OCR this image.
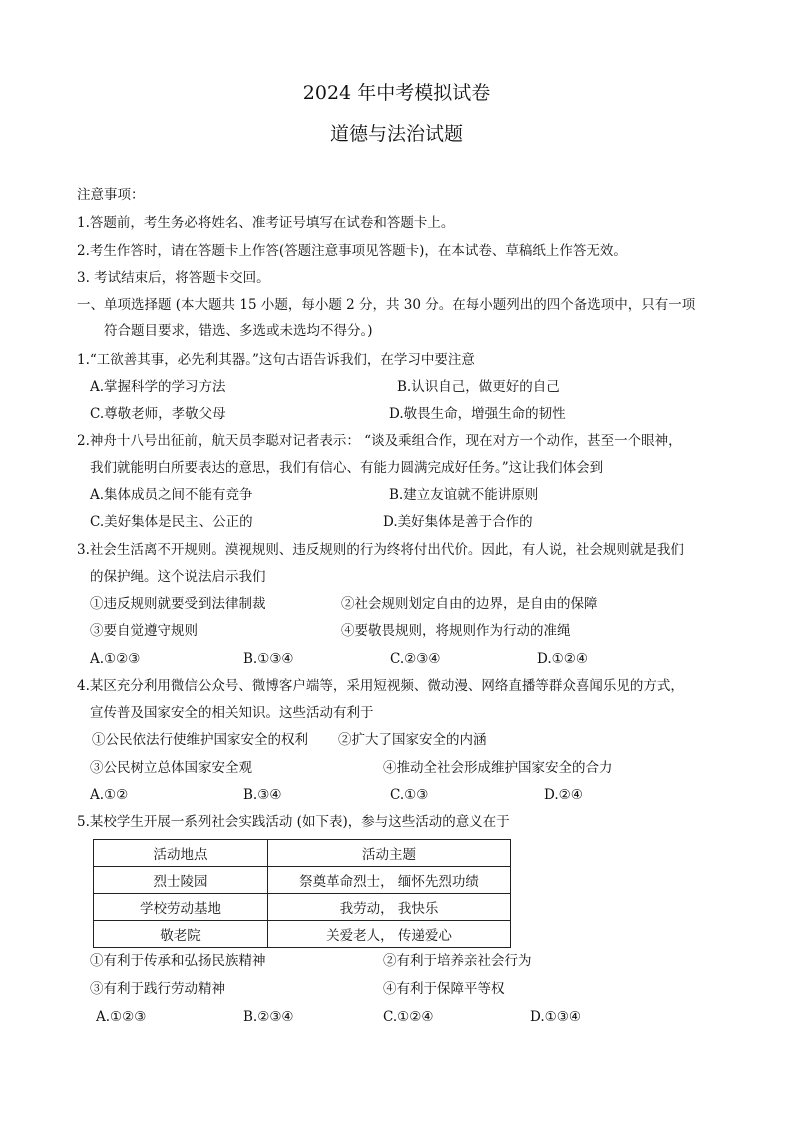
2024 年中考模拟试卷
道德与法治试题
注意事项：
1.答题前，考生务必将姓名、准考证号填写在试卷和答题卡上。
2.考生作答时，请在答题卡上作答(答题注意事项见答题卡)，在本试卷、草稿纸上作答无效。
3. 考试结束后，将答题卡交回。
一、单项选择题 (本大题共 15 小题，每小题 2 分，共 30 分。在每小题列出的四个备选项中，只有一项
符合题目要求，错选、多选或未选均不得分。)
1.“工欲善其事，必先利其器。”这句古语告诉我们，在学习中要注意
A.掌握科学的学习方法	B.认识自己，做更好的自己
C.尊敬老师，孝敬父母	D.敬畏生命，增强生命的韧性
2.神舟十八号出征前，航天员李聪对记者表示： “谈及乘组合作，现在对方一个动作，甚至一个眼神，
我们就能明白所要表达的意思，我们有信心、有能力圆满完成好任务。”这让我们体会到
A.集体成员之间不能有竞争	B.建立友谊就不能讲原则
C.美好集体是民主、公正的	D.美好集体是善于合作的
3.社会生活离不开规则。漠视规则、违反规则的行为终将付出代价。因此，有人说，社会规则就是我们
的保护绳。这个说法启示我们
①违反规则就要受到法律制裁	②社会规则划定自由的边界，是自由的保障
③要自觉遵守规则	④要敬畏规则，将规则作为行动的准绳
A.①②③	B.①③④	C.②③④	D.①②④
4.某区充分利用微信公众号、微博客户端等，采用短视频、微动漫、网络直播等群众喜闻乐见的方式，
宣传普及国家安全的相关知识。这些活动有利于
①公民依法行使维护国家安全的权利 ②扩大了国家安全的内涵
③公民树立总体国家安全观	④推动全社会形成维护国家安全的合力
A.①②	B.③④	C.①③	D.②④
5.某校学生开展一系列社会实践活动 (如下表)，参与这些活动的意义在于
活动地点	活动主题
烈士陵园	祭奠革命烈士， 缅怀先烈功绩
学校劳动基地	我劳动， 我快乐
敬老院	关爱老人， 传递爱心
①有利于传承和弘扬民族精神	②有利于培养亲社会行为
③有利于践行劳动精神	④有利于保障平等权
A.①②③	B.②③④	C.①②④	D.①③④
